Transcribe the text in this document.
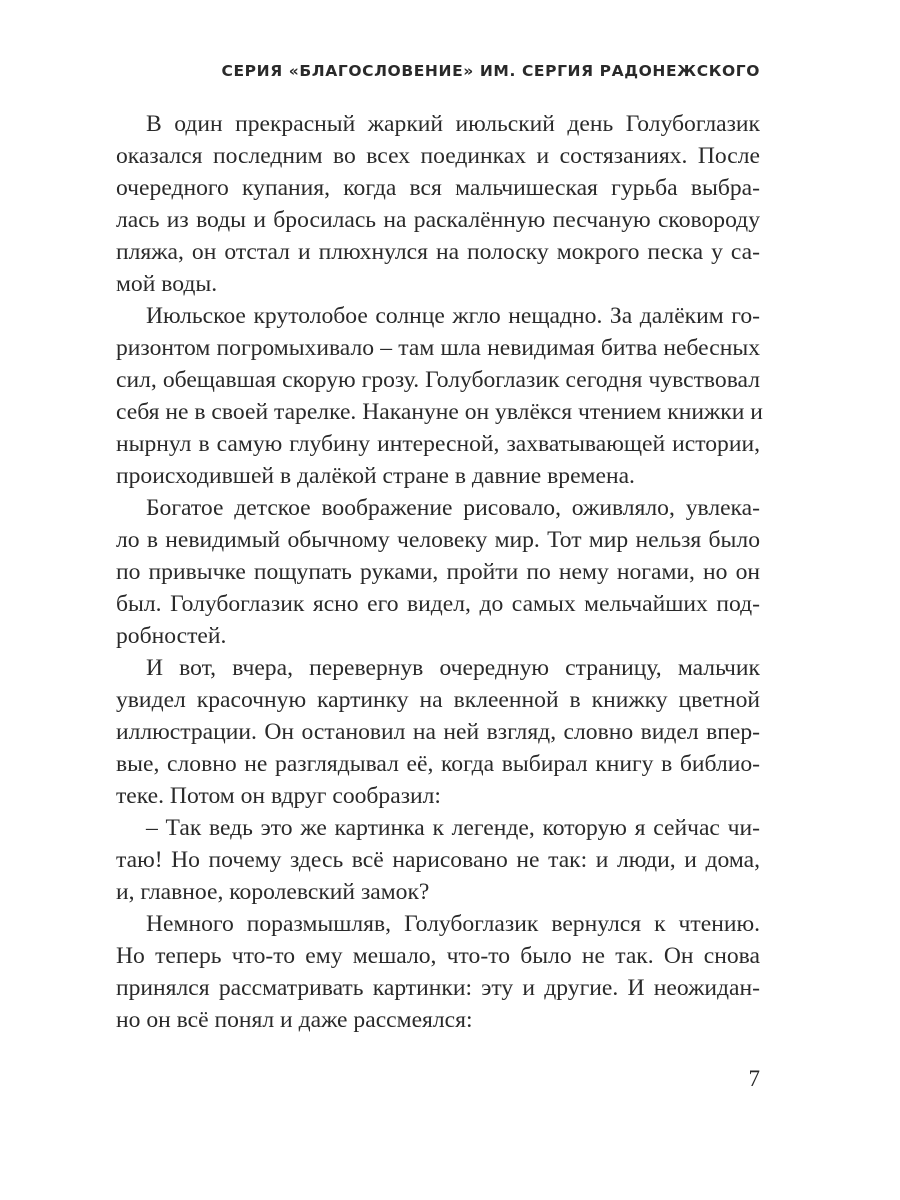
СЕРИЯ «БЛАГОСЛОВЕНИЕ» ИМ. СЕРГИЯ РАДОНЕЖСКОГО

В один прекрасный жаркий июльский день Голубоглазик
оказался последним во всех поединках и состязаниях. После
очередного купания, когда вся мальчишеская гурьба выбра-
лась из воды и бросилась на раскалённую песчаную сковороду
пляжа, он отстал и плюхнулся на полоску мокрого песка у са-
мой воды.

Июльское крутолобое солнце жгло нещадно. За далёким го-
ризонтом погромыхивало – там шла невидимая битва небесных
сил, обещавшая скорую грозу. Голубоглазик сегодня чувствовал
себя не в своей тарелке. Накануне он увлёкся чтением книжки и
нырнул в самую глубину интересной, захватывающей истории,
происходившей в далёкой стране в давние времена.

Богатое детское воображение рисовало, оживляло, увлека-
ло в невидимый обычному человеку мир. Тот мир нельзя было
по привычке пощупать руками, пройти по нему ногами, но он
был. Голубоглазик ясно его видел, до самых мельчайших под-
робностей.

И вот, вчера, перевернув очередную страницу, мальчик
увидел красочную картинку на вклеенной в книжку цветной
иллюстрации. Он остановил на ней взгляд, словно видел впер-
вые, словно не разглядывал её, когда выбирал книгу в библио-
теке. Потом он вдруг сообразил:

– Так ведь это же картинка к легенде, которую я сейчас чи-
таю! Но почему здесь всё нарисовано не так: и люди, и дома,
и, главное, королевский замок?

Немного поразмышляв, Голубоглазик вернулся к чтению.
Но теперь что-то ему мешало, что-то было не так. Он снова
принялся рассматривать картинки: эту и другие. И неожидан-
но он всё понял и даже рассмеялся:

7
